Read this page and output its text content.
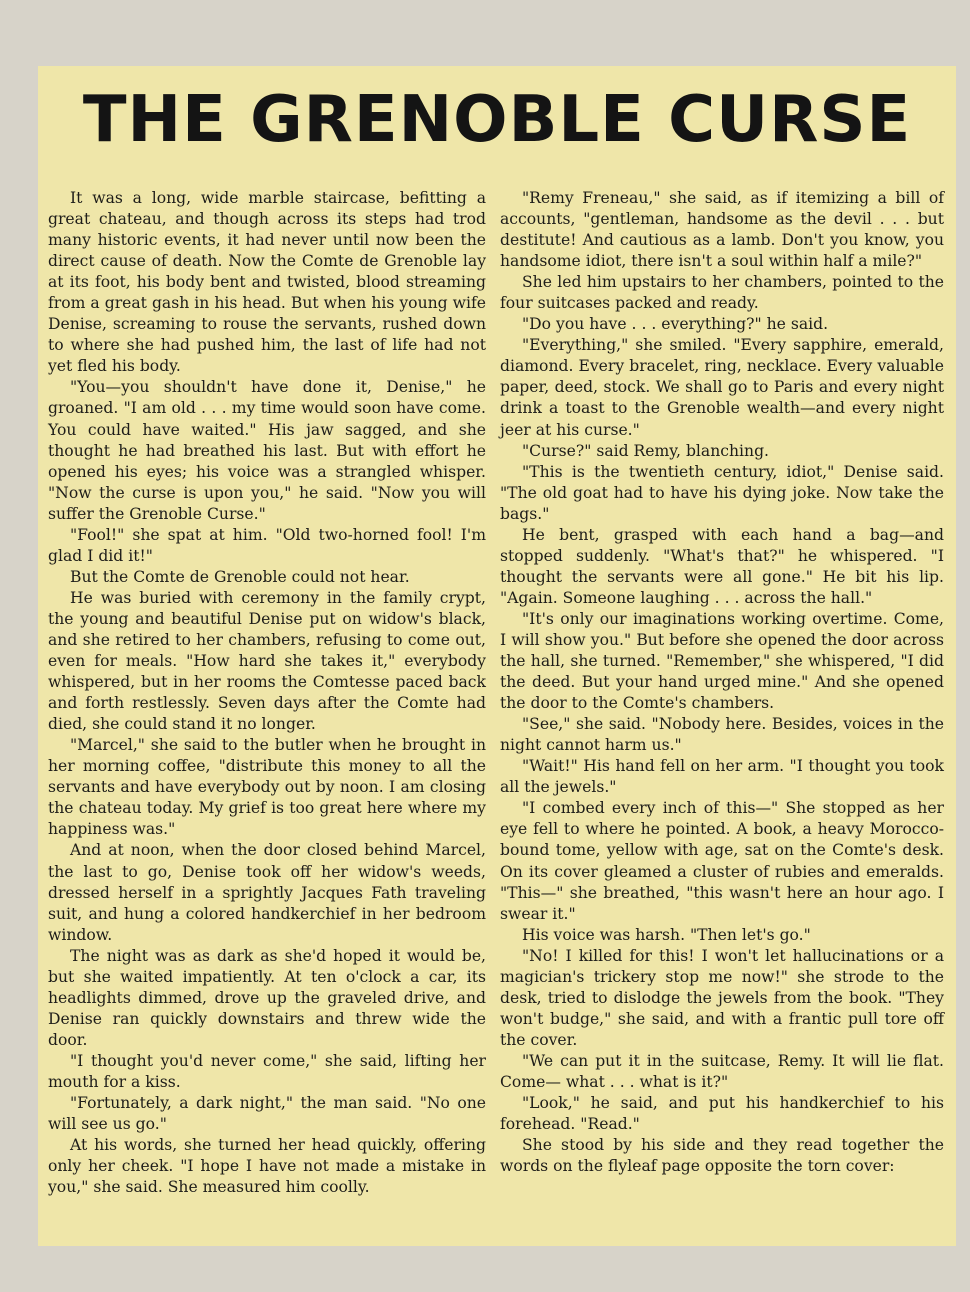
THE GRENOBLE CURSE

It was a long, wide marble staircase, befitting a great chateau, and though across its steps had trod many historic events, it had never until now been the direct cause of death. Now the Comte de Grenoble lay at its foot, his body bent and twisted, blood streaming from a great gash in his head. But when his young wife Denise, screaming to rouse the servants, rushed down to where she had pushed him, the last of life had not yet fled his body.

"You—you shouldn't have done it, Denise," he groaned. "I am old . . . my time would soon have come. You could have waited." His jaw sagged, and she thought he had breathed his last. But with effort he opened his eyes; his voice was a strangled whisper. "Now the curse is upon you," he said. "Now you will suffer the Grenoble Curse."

"Fool!" she spat at him. "Old two-horned fool! I'm glad I did it!"

But the Comte de Grenoble could not hear.

He was buried with ceremony in the family crypt, the young and beautiful Denise put on widow's black, and she retired to her chambers, refusing to come out, even for meals. "How hard she takes it," everybody whispered, but in her rooms the Comtesse paced back and forth restlessly. Seven days after the Comte had died, she could stand it no longer.

"Marcel," she said to the butler when he brought in her morning coffee, "distribute this money to all the servants and have everybody out by noon. I am closing the chateau today. My grief is too great here where my happiness was."

And at noon, when the door closed behind Marcel, the last to go, Denise took off her widow's weeds, dressed herself in a sprightly Jacques Fath traveling suit, and hung a colored handkerchief in her bedroom window.

The night was as dark as she'd hoped it would be, but she waited impatiently. At ten o'clock a car, its headlights dimmed, drove up the graveled drive, and Denise ran quickly downstairs and threw wide the door.

"I thought you'd never come," she said, lifting her mouth for a kiss.

"Fortunately, a dark night," the man said. "No one will see us go."

At his words, she turned her head quickly, offering only her cheek. "I hope I have not made a mistake in you," she said. She measured him coolly.

"Remy Freneau," she said, as if itemizing a bill of accounts, "gentleman, handsome as the devil . . . but destitute! And cautious as a lamb. Don't you know, you handsome idiot, there isn't a soul within half a mile?"

She led him upstairs to her chambers, pointed to the four suitcases packed and ready.

"Do you have . . . everything?" he said.

"Everything," she smiled. "Every sapphire, emerald, diamond. Every bracelet, ring, necklace. Every valuable paper, deed, stock. We shall go to Paris and every night drink a toast to the Grenoble wealth—and every night jeer at his curse."

"Curse?" said Remy, blanching.

"This is the twentieth century, idiot," Denise said. "The old goat had to have his dying joke. Now take the bags."

He bent, grasped with each hand a bag—and stopped suddenly. "What's that?" he whispered. "I thought the servants were all gone." He bit his lip. "Again. Someone laughing . . . across the hall."

"It's only our imaginations working overtime. Come, I will show you." But before she opened the door across the hall, she turned. "Remember," she whispered, "I did the deed. But your hand urged mine." And she opened the door to the Comte's chambers.

"See," she said. "Nobody here. Besides, voices in the night cannot harm us."

"Wait!" His hand fell on her arm. "I thought you took all the jewels."

"I combed every inch of this—" She stopped as her eye fell to where he pointed. A book, a heavy Morocco-bound tome, yellow with age, sat on the Comte's desk. On its cover gleamed a cluster of rubies and emeralds. "This—" she breathed, "this wasn't here an hour ago. I swear it."

His voice was harsh. "Then let's go."

"No! I killed for this! I won't let hallucinations or a magician's trickery stop me now!" she strode to the desk, tried to dislodge the jewels from the book. "They won't budge," she said, and with a frantic pull tore off the cover.

"We can put it in the suitcase, Remy. It will lie flat. Come— what . . . what is it?"

"Look," he said, and put his handkerchief to his forehead. "Read."

She stood by his side and they read together the words on the flyleaf page opposite the torn cover:
